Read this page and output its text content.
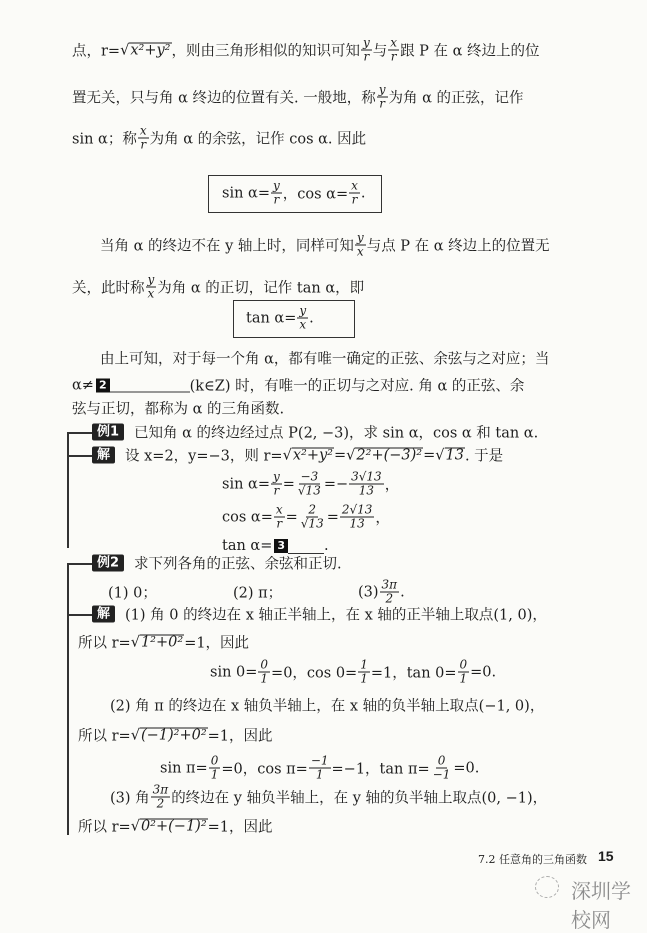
点，r= √ x²+y² ，则由三角形相似的知识可知 $\frac{y}{r}$ 与 $\frac{x}{r}$ 跟 P 在 α 终边上的位
置无关，只与角 α 终边的位置有关. 一般地，称 $\frac{y}{r}$ 为角 α 的正弦，记作
sin α；称 $\frac{x}{r}$ 为角 α 的余弦，记作 cos α. 因此
$\sin \alpha= \frac{y}{r}$ ，$\cos \alpha= \frac{x}{r}$ .
当角 α 的终边不在 y 轴上时，同样可知 $\frac{y}{x}$ 与点 P 在 α 终边上的位置无
关，此时称 $\frac{y}{x}$ 为角 α 的正切，记作 tan α，即
$\tan \alpha= \frac{y}{x}$ .
由上可知，对于每一个角 α，都有唯一确定的正弦、余弦与之对应；当
α≠ 2	(k∈Z) 时，有唯一的正切与之对应. 角 α 的正弦、余
弦与正切，都称为 α 的三角函数.
例1	已知角 α 的终边经过点 P(2, −3)，求 sin α，cos α 和 tan α.
解	设 x=2，y=−3，则 r= √ x²+y² = √ 2²+(−3)² = √ 13 . 于是
$\sin \alpha= \frac{y}{r} = \frac{-3}{√13} =- \frac{3√13}{13}$ ，
$\cos \alpha= \frac{x}{r} = \frac{2}{√13} = \frac{2√13}{13}$ ，
tan α= 3	.
例2	求下列各角的正弦、余弦和正切.
(1) 0；	(2) π；	$(3) \frac{3\pi}{2}$ .
解	(1) 角 0 的终边在 x 轴正半轴上，在 x 轴的正半轴上取点(1, 0)，
所以 r= √ 1²+0² =1，因此
$\sin 0= \frac{0}{1} =0$，$\cos 0= \frac{1}{1} =1$，$\tan 0= \frac{0}{1} =0$.
(2) 角 π 的终边在 x 轴负半轴上，在 x 轴的负半轴上取点(−1, 0)，
所以 r= √ (−1)²+0² =1，因此
$\sin \pi= \frac{0}{1} =0$，$\cos \pi= \frac{-1}{1} =-1$，$\tan \pi= \frac{0}{-1} =0$.
(3) 角 $\frac{3\pi}{2}$ 的终边在 y 轴负半轴上，在 y 轴的负半轴上取点(0, −1)，
所以 r= √ 0²+(−1)² =1，因此
7.2 任意角的三角函数 15
深圳学校网
